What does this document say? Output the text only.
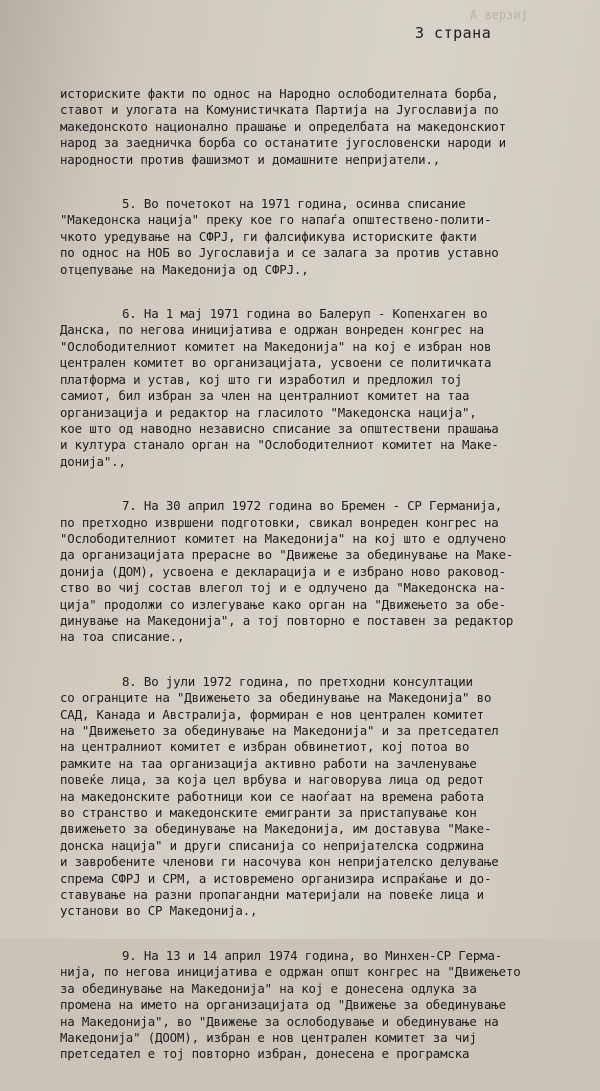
А верзиј
3 страна
историските факти по однос на Народно ослободителната борба,
ставот и улогата на Комунистичката Партија на Југославија по
македонското национално прашање и определбата на македонскиот
народ за заедничка борба со останатите југословенски народи и
народности против фашизмот и домашните непријатели.,
5. Во почетокот на 1971 година, осинва списание
"Македонска нација" преку кое го напаѓа општествено-полити-
чкото уредување на СФРЈ, ги фалсификува историските факти
по однос на НОБ во Југославија и се залага за против уставно
отцепување на Македонија од СФРЈ.,
6. На 1 мај 1971 година во Балеруп - Копенхаген во
Данска, по негова иницијатива е одржан вонреден конгрес на
"Ослободителниот комитет на Македонија" на кој е избран нов
централен комитет во организацијата, усвоени се политичката
платформа и устав, кој што ги изработил и предложил тој
самиот, бил избран за член на централниот комитет на таа
организација и редактор на гласилото "Македонска нација",
кое што од наводно независно списание за општествени прашања
и култура станало орган на "Ослободителниот комитет на Маке-
донија".,
7. На 30 април 1972 година во Бремен - СР Германија,
по претходно извршени подготовки, свикал вонреден конгрес на
"Ослободителниот комитет на Македонија" на кој што е одлучено
да организацијата прерасне во "Движење за обединување на Маке-
донија (ДОМ), усвоена е декларација и е избрано ново раковод-
ство во чиј состав влегол тој и е одлучено да "Македонска на-
ција" продолжи со излегување како орган на "Движењето за обе-
динување на Македонија", а тој повторно е поставен за редактор
на тоа списание.,
8. Во јули 1972 година, по претходни консултации
со огранците на "Движењето за обединување на Македонија" во
САД, Канада и Австралија, формиран е нов централен комитет
на "Движењето за обединување на Македонија" и за претседател
на централниот комитет е избран обвинетиот, кој потоа во
рамките на таа организација активно работи на зачленување
повеќе лица, за која цел врбува и наговорува лица од редот
на македонските работници кои се наоѓаат на времена работа
во странство и македонските емигранти за пристапување кон
движењето за обединување на Македонија, им доставува "Маке-
донска нација" и други списанија со непријателска содржина
и завробените членови ги насочува кон непријателско делување
спрема СФРЈ и СРМ, а истовремено организира испраќање и до-
ставување на разни пропагандни материјали на повеќе лица и
установи во СР Македонија.,
9. На 13 и 14 април 1974 година, во Минхен-СР Герма-
нија, по негова иницијатива е одржан општ конгрес на "Движењето
за обединување на Македонија" на кој е донесена одлука за
промена на името на организацијата од "Движење за обединување
на Македонија", во "Движење за ослободување и обединување на
Македонија" (ДООМ), избран е нов централен комитет за чиј
претседател е тој повторно избран, донесена е програмска
